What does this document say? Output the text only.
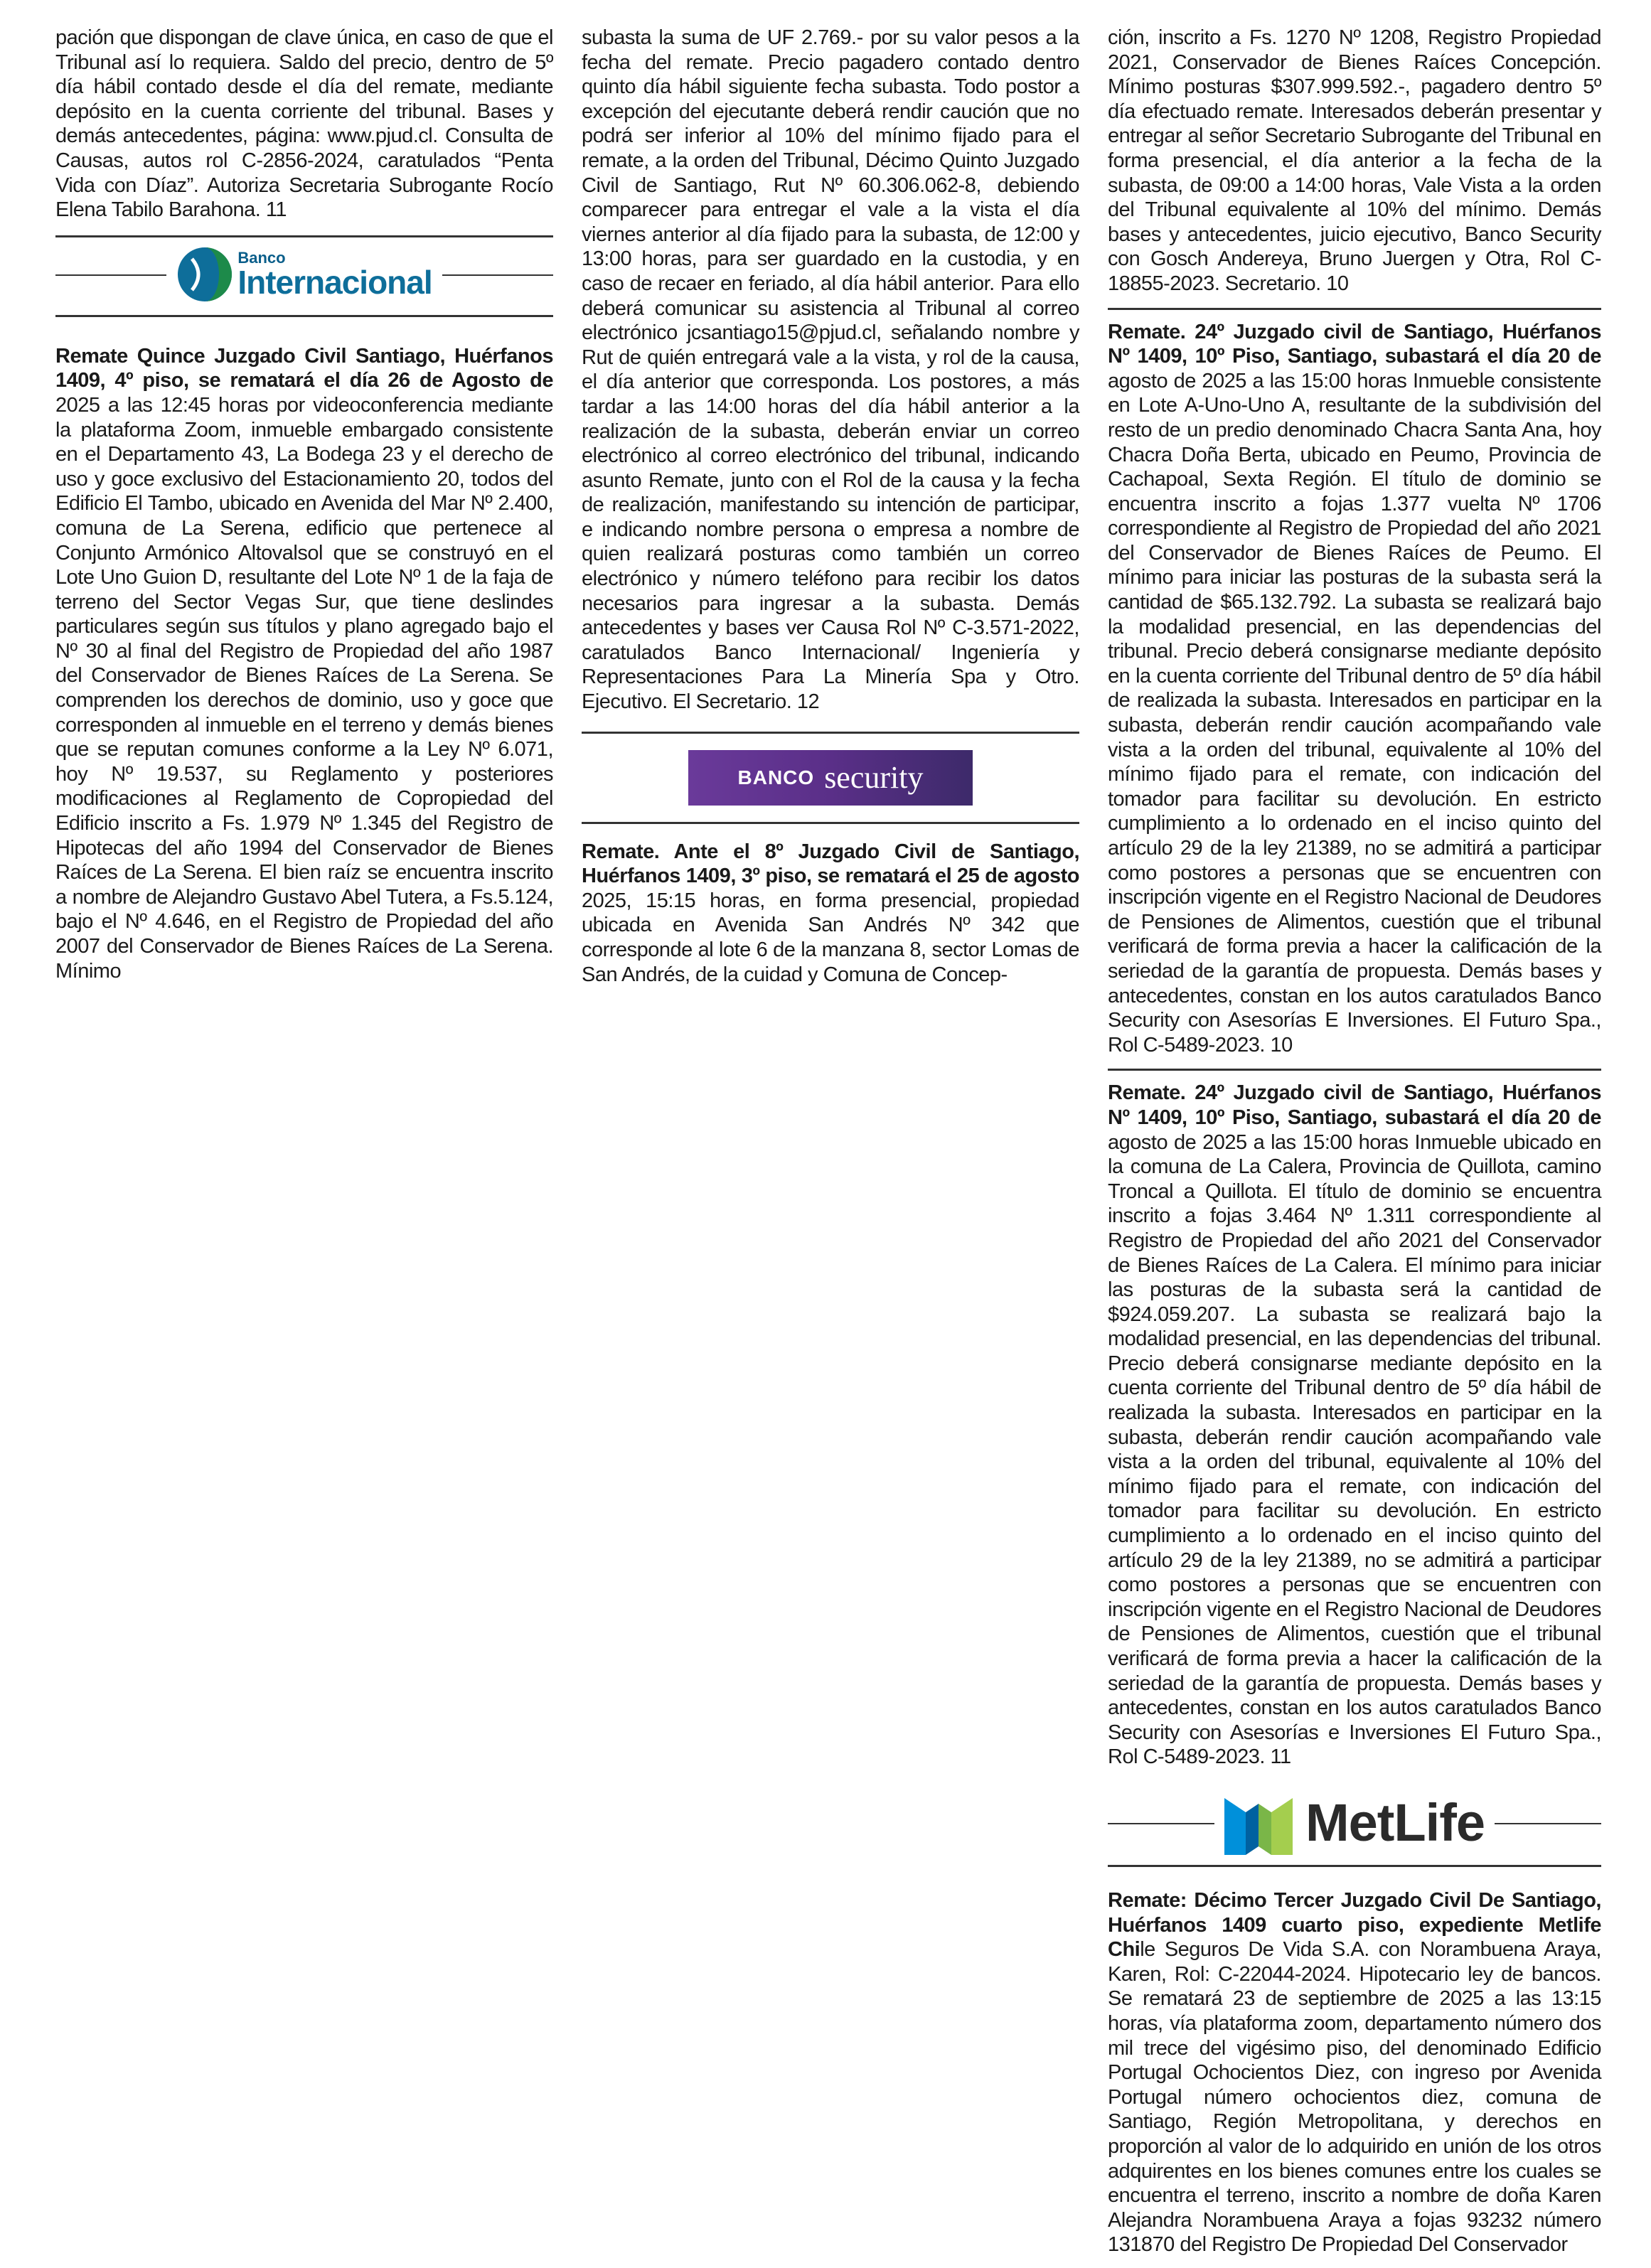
pación que dispongan de clave única, en caso de que el Tribunal así lo requiera. Saldo del precio, dentro de 5º día hábil contado desde el día del remate, mediante depósito en la cuenta corriente del tribunal. Bases y demás antecedentes, página: www.pjud.cl. Consulta de Causas, autos rol C-2856-2024, caratulados “Penta Vida con Díaz”. Autoriza Secretaria Subrogante Rocío Elena Tabilo Barahona. 11

Banco
Internacional

Remate Quince Juzgado Civil Santiago, Huérfanos 1409, 4º piso, se rematará el día 26 de Agosto de 2025 a las 12:45 horas por videoconferencia mediante la plataforma Zoom, inmueble embargado consistente en el Departamento 43, La Bodega 23 y el derecho de uso y goce exclusivo del Estacionamiento 20, todos del Edificio El Tambo, ubicado en Avenida del Mar Nº 2.400, comuna de La Serena, edificio que pertenece al Conjunto Armónico Altovalsol que se construyó en el Lote Uno Guion D, resultante del Lote Nº 1 de la faja de terreno del Sector Vegas Sur, que tiene deslindes particulares según sus títulos y plano agregado bajo el Nº 30 al final del Registro de Propiedad del año 1987 del Conservador de Bienes Raíces de La Serena. Se comprenden los derechos de dominio, uso y goce que corresponden al inmueble en el terreno y demás bienes que se reputan comunes conforme a la Ley Nº 6.071, hoy Nº 19.537, su Reglamento y posteriores modificaciones al Reglamento de Copropiedad del Edificio inscrito a Fs. 1.979 Nº 1.345 del Registro de Hipotecas del año 1994 del Conservador de Bienes Raíces de La Serena. El bien raíz se encuentra inscrito a nombre de Alejandro Gustavo Abel Tutera, a Fs.5.124, bajo el Nº 4.646, en el Registro de Propiedad del año 2007 del Conservador de Bienes Raíces de La Serena. Mínimo

subasta la suma de UF 2.769.- por su valor pesos a la fecha del remate. Precio pagadero contado dentro quinto día hábil siguiente fecha subasta. Todo postor a excepción del ejecutante deberá rendir caución que no podrá ser inferior al 10% del mínimo fijado para el remate, a la orden del Tribunal, Décimo Quinto Juzgado Civil de Santiago, Rut Nº 60.306.062-8, debiendo comparecer para entregar el vale a la vista el día viernes anterior al día fijado para la subasta, de 12:00 y 13:00 horas, para ser guardado en la custodia, y en caso de recaer en feriado, al día hábil anterior. Para ello deberá comunicar su asistencia al Tribunal al correo electrónico jcsantiago15@pjud.cl, señalando nombre y Rut de quién entregará vale a la vista, y rol de la causa, el día anterior que corresponda. Los postores, a más tardar a las 14:00 horas del día hábil anterior a la realización de la subasta, deberán enviar un correo electrónico al correo electrónico del tribunal, indicando asunto Remate, junto con el Rol de la causa y la fecha de realización, manifestando su intención de participar, e indicando nombre persona o empresa a nombre de quien realizará posturas como también un correo electrónico y número teléfono para recibir los datos necesarios para ingresar a la subasta. Demás antecedentes y bases ver Causa Rol Nº C-3.571-2022, caratulados Banco Internacional/ Ingeniería y Representaciones Para La Minería Spa y Otro. Ejecutivo. El Secretario. 12

BANCO security

Remate. Ante el 8º Juzgado Civil de Santiago, Huérfanos 1409, 3º piso, se rematará el 25 de agosto 2025, 15:15 horas, en forma presencial, propiedad ubicada en Avenida San Andrés Nº 342 que corresponde al lote 6 de la manzana 8, sector Lomas de San Andrés, de la cuidad y Comuna de Concep-

ción, inscrito a Fs. 1270 Nº 1208, Registro Propiedad 2021, Conservador de Bienes Raíces Concepción. Mínimo posturas $307.999.592.-, pagadero dentro 5º día efectuado remate. Interesados deberán presentar y entregar al señor Secretario Subrogante del Tribunal en forma presencial, el día anterior a la fecha de la subasta, de 09:00 a 14:00 horas, Vale Vista a la orden del Tribunal equivalente al 10% del mínimo. Demás bases y antecedentes, juicio ejecutivo, Banco Security con Gosch Andereya, Bruno Juergen y Otra, Rol C-18855-2023. Secretario. 10

Remate. 24º Juzgado civil de Santiago, Huérfanos Nº 1409, 10º Piso, Santiago, subastará el día 20 de agosto de 2025 a las 15:00 horas Inmueble consistente en Lote A-Uno-Uno A, resultante de la subdivisión del resto de un predio denominado Chacra Santa Ana, hoy Chacra Doña Berta, ubicado en Peumo, Provincia de Cachapoal, Sexta Región. El título de dominio se encuentra inscrito a fojas 1.377 vuelta Nº 1706 correspondiente al Registro de Propiedad del año 2021 del Conservador de Bienes Raíces de Peumo. El mínimo para iniciar las posturas de la subasta será la cantidad de $65.132.792. La subasta se realizará bajo la modalidad presencial, en las dependencias del tribunal. Precio deberá consignarse mediante depósito en la cuenta corriente del Tribunal dentro de 5º día hábil de realizada la subasta. Interesados en participar en la subasta, deberán rendir caución acompañando vale vista a la orden del tribunal, equivalente al 10% del mínimo fijado para el remate, con indicación del tomador para facilitar su devolución. En estricto cumplimiento a lo ordenado en el inciso quinto del artículo 29 de la ley 21389, no se admitirá a participar como postores a personas que se encuentren con inscripción vigente en el Registro Nacional de Deudores de Pensiones de Alimentos, cuestión que el tribunal verificará de forma previa a hacer la calificación de la seriedad de la garantía de propuesta. Demás bases y antecedentes, constan en los autos caratulados Banco Security con Asesorías E Inversiones. El Futuro Spa., Rol C-5489-2023. 10

Remate. 24º Juzgado civil de Santiago, Huérfanos Nº 1409, 10º Piso, Santiago, subastará el día 20 de agosto de 2025 a las 15:00 horas Inmueble ubicado en la comuna de La Calera, Provincia de Quillota, camino Troncal a Quillota. El título de dominio se encuentra inscrito a fojas 3.464 Nº 1.311 correspondiente al Registro de Propiedad del año 2021 del Conservador de Bienes Raíces de La Calera. El mínimo para iniciar las posturas de la subasta será la cantidad de $924.059.207. La subasta se realizará bajo la modalidad presencial, en las dependencias del tribunal. Precio deberá consignarse mediante depósito en la cuenta corriente del Tribunal dentro de 5º día hábil de realizada la subasta. Interesados en participar en la subasta, deberán rendir caución acompañando vale vista a la orden del tribunal, equivalente al 10% del mínimo fijado para el remate, con indicación del tomador para facilitar su devolución. En estricto cumplimiento a lo ordenado en el inciso quinto del artículo 29 de la ley 21389, no se admitirá a participar como postores a personas que se encuentren con inscripción vigente en el Registro Nacional de Deudores de Pensiones de Alimentos, cuestión que el tribunal verificará de forma previa a hacer la calificación de la seriedad de la garantía de propuesta. Demás bases y antecedentes, constan en los autos caratulados Banco Security con Asesorías e Inversiones El Futuro Spa., Rol C-5489-2023. 11

MetLife

Remate: Décimo Tercer Juzgado Civil De Santiago, Huérfanos 1409 cuarto piso, expediente Metlife Chile Seguros De Vida S.A. con Norambuena Araya, Karen, Rol: C-22044-2024. Hipotecario ley de bancos. Se rematará 23 de septiembre de 2025 a las 13:15 horas, vía plataforma zoom, departamento número dos mil trece del vigésimo piso, del denominado Edificio Portugal Ochocientos Diez, con ingreso por Avenida Portugal número ochocientos diez, comuna de Santiago, Región Metropolitana, y derechos en proporción al valor de lo adquirido en unión de los otros adquirentes en los bienes comunes entre los cuales se encuentra el terreno, inscrito a nombre de doña Karen Alejandra Norambuena Araya a fojas 93232 número 131870 del Registro De Propiedad Del Conservador
